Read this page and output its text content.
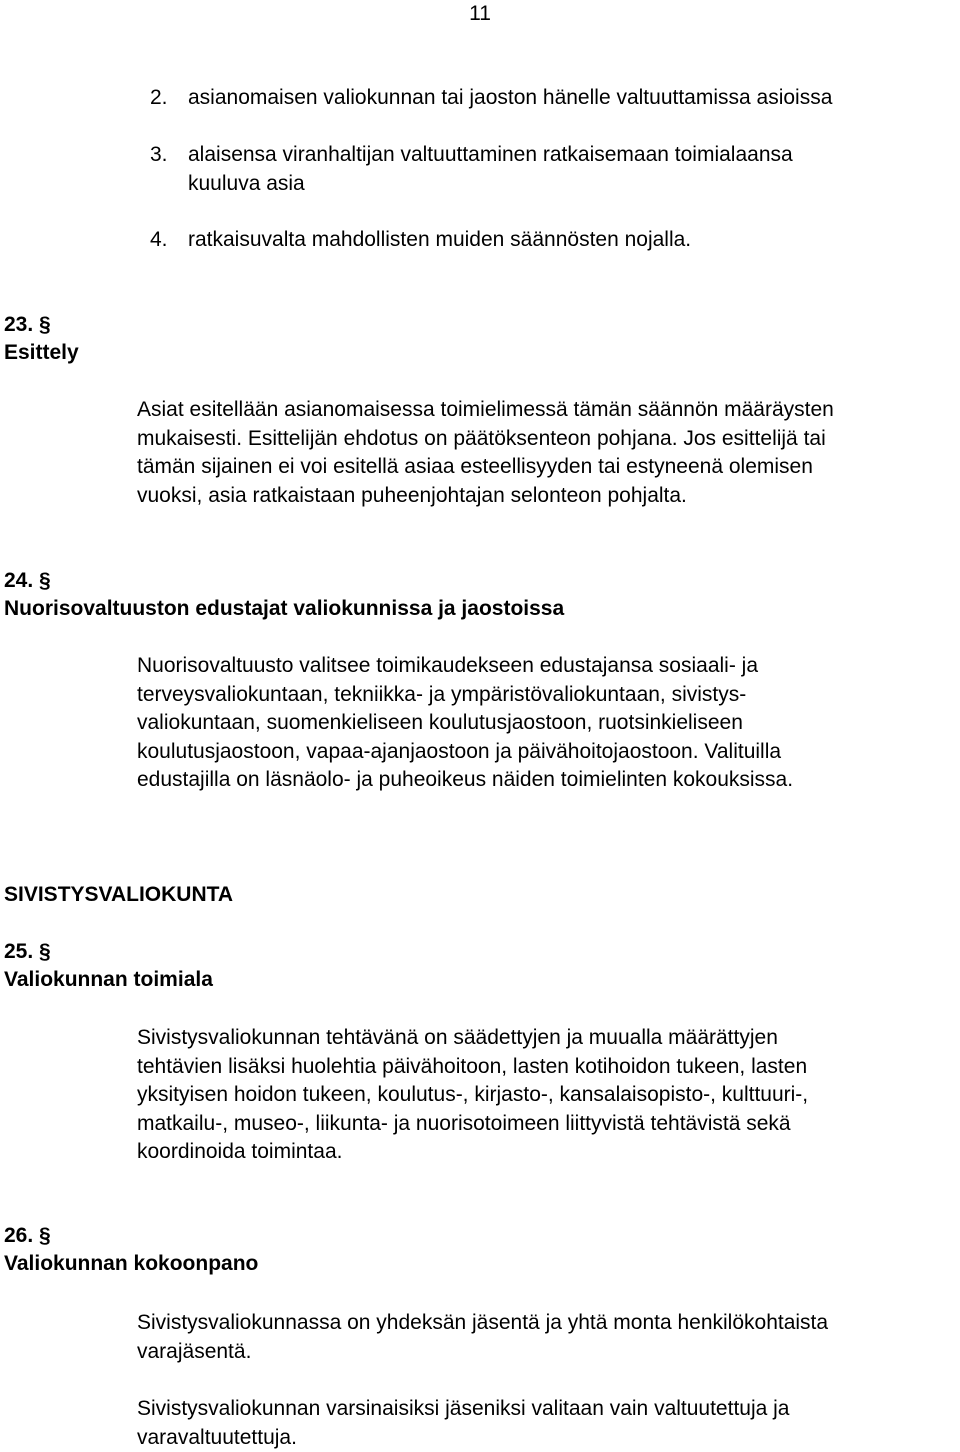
11
2. asianomaisen valiokunnan tai jaoston hänelle valtuuttamissa asioissa
3. alaisensa viranhaltijan valtuuttaminen ratkaisemaan toimialaansa
kuuluva asia
4. ratkaisuvalta mahdollisten muiden säännösten nojalla.
23. §
Esittely
Asiat esitellään asianomaisessa toimielimessä tämän säännön määräysten
mukaisesti. Esittelijän ehdotus on päätöksenteon pohjana. Jos esittelijä tai
tämän sijainen ei voi esitellä asiaa esteellisyyden tai estyneenä olemisen
vuoksi, asia ratkaistaan puheenjohtajan selonteon pohjalta.
24. §
Nuorisovaltuuston edustajat valiokunnissa ja jaostoissa
Nuorisovaltuusto valitsee toimikaudekseen edustajansa sosiaali- ja
terveysvaliokuntaan, tekniikka- ja ympäristövaliokuntaan, sivistys-
valiokuntaan, suomenkieliseen koulutusjaostoon, ruotsinkieliseen
koulutusjaostoon, vapaa-ajanjaostoon ja päivähoitojaostoon. Valituilla
edustajilla on läsnäolo- ja puheoikeus näiden toimielinten kokouksissa.
SIVISTYSVALIOKUNTA
25. §
Valiokunnan toimiala
Sivistysvaliokunnan tehtävänä on säädettyjen ja muualla määrättyjen
tehtävien lisäksi huolehtia päivähoitoon, lasten kotihoidon tukeen, lasten
yksityisen hoidon tukeen, koulutus-, kirjasto-, kansalaisopisto-, kulttuuri-,
matkailu-, museo-, liikunta- ja nuorisotoimeen liittyvistä tehtävistä sekä
koordinoida toimintaa.
26. §
Valiokunnan kokoonpano
Sivistysvaliokunnassa on yhdeksän jäsentä ja yhtä monta henkilökohtaista
varajäsentä.
Sivistysvaliokunnan varsinaisiksi jäseniksi valitaan vain valtuutettuja ja
varavaltuutettuja.
